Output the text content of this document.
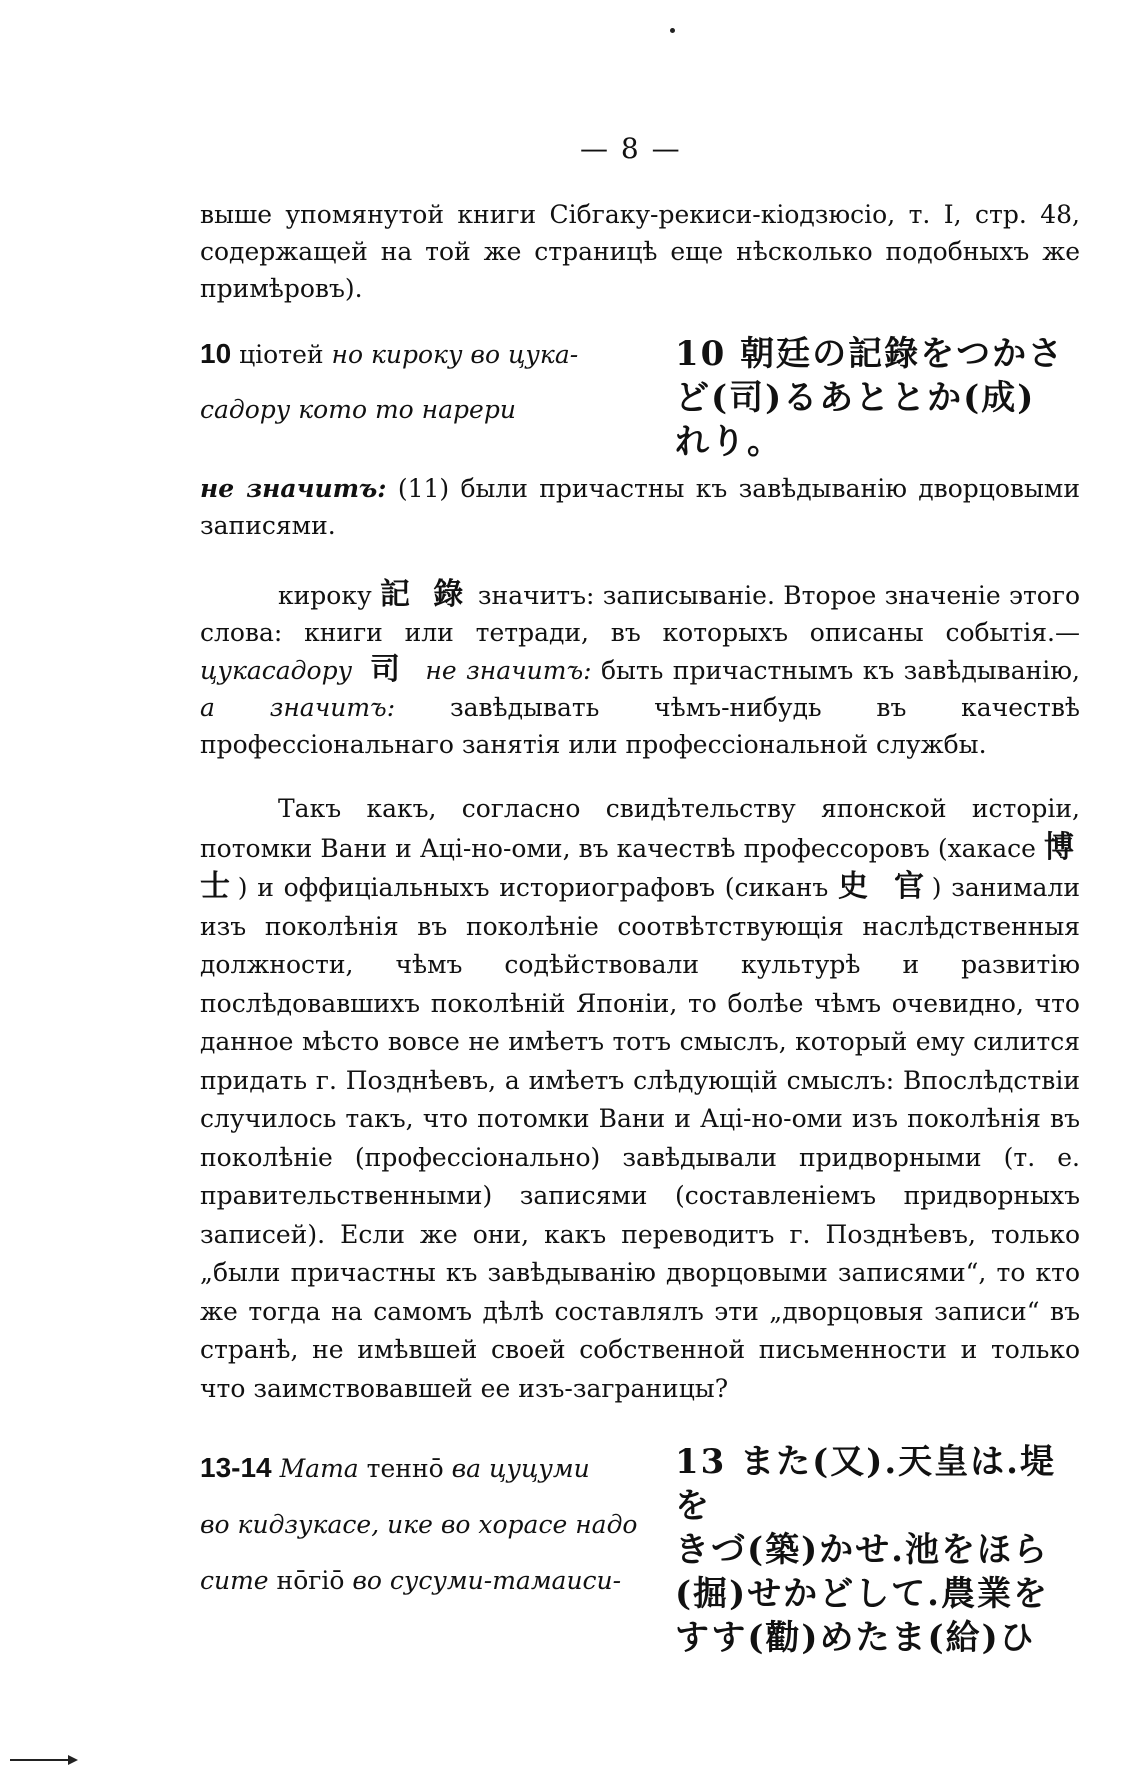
— 8 —
выше упомянутой книги Сiбгаку-рекиси-кiодзюсiо, т. I, стр. 48, содержащей на той же страницѣ еще нѣсколько подобныхъ же примѣровъ).
10 цiотей но кироку во цука-
садору кото то нарери
10 朝廷の記錄をつかさ
ど(司)るあととか(成)
れり。
не значитъ: (11) были причастны къ завѣдыванiю дворцовыми записями.
кироку 記 錄 значитъ: записыванiе. Второе значенiе этого слова: книги или тетради, въ которыхъ описаны событiя.— цукасадору 司 не значитъ: быть причастнымъ къ завѣдыванiю, а значитъ: завѣдывать чѣмъ-нибудь въ качествѣ профессiональнаго занятiя или профессiональной службы.
Такъ какъ, согласно свидѣтельству японской исторiи, потомки Вани и Ацi-но-оми, въ качествѣ профессоровъ (хакасе 博 士) и оффицiальныхъ историографовъ (сиканъ 史 官) занимали изъ поколѣнiя въ поколѣнiе соотвѣтствующiя наслѣдственныя должности, чѣмъ содѣйствовали культурѣ и развитiю послѣдовавшихъ поколѣнiй Японiи, то болѣе чѣмъ очевидно, что данное мѣсто вовсе не имѣетъ тотъ смыслъ, который ему силится придать г. Позднѣевъ, а имѣетъ слѣдующiй смыслъ: Впослѣдствiи случилось такъ, что потомки Вани и Ацi-но-оми изъ поколѣнiя въ поколѣнiе (профессiонально) завѣдывали придворными (т. е. правительственными) записями (составленiемъ придворныхъ записей). Если же они, какъ переводитъ г. Позднѣевъ, только „были причастны къ завѣдыванiю дворцовыми записями“, то кто же тогда на самомъ дѣлѣ составлялъ эти „дворцовыя записи“ въ странѣ, не имѣвшей своей собственной письменности и только что заимствовавшей ее изъ-заграницы?
13-14 Мата тенно̄ ва цуцуми
во кидзукасе, ике во хорасе надо
сите но̄гiо̄ во сусуми-тамаиси-
13 また(又).天皇は.堤を
きづ(築)かせ.池をほら
(掘)せかどして.農業を
すす(勸)めたま(給)ひ
